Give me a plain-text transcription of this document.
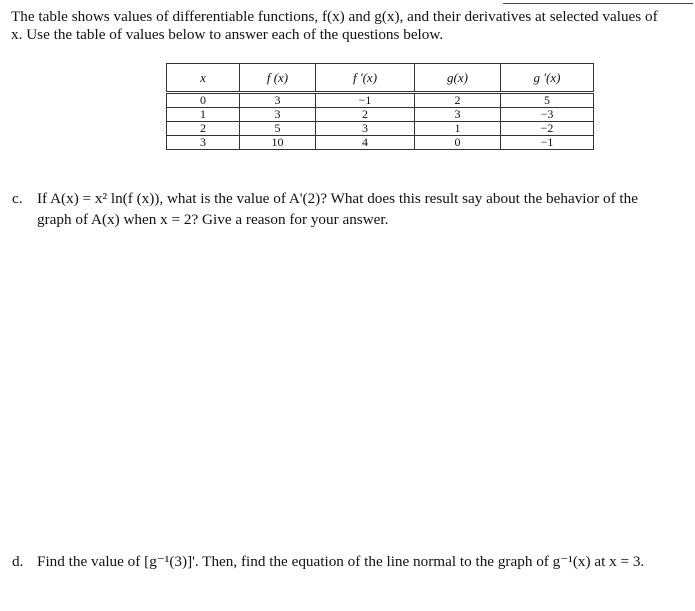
The table shows values of differentiable functions, f(x) and g(x), and their derivatives at selected values of
x. Use the table of values below to answer each of the questions below.
x	f (x)	f '(x)	g(x)	g '(x)
0	3	−1	2	5
1	3	2	3	−3
2	5	3	1	−2
3	10	4	0	−1
c. If A(x) = x² ln(f (x)), what is the value of A'(2)? What does this result say about the behavior of the
graph of A(x) when x = 2? Give a reason for your answer.
d. Find the value of [g⁻¹(3)]'. Then, find the equation of the line normal to the graph of g⁻¹(x) at x = 3.
